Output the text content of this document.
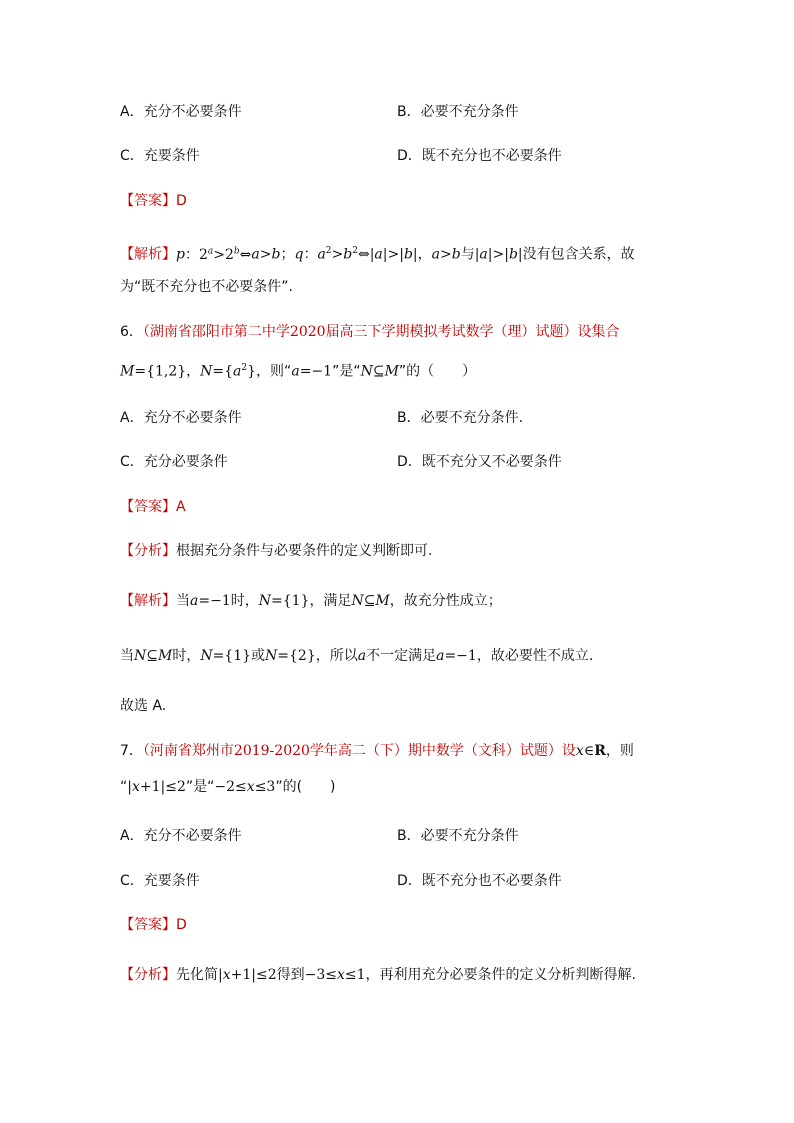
A．充分不必要条件	B．必要不充分条件
C．充要条件	D．既不充分也不必要条件
【答案】D
【解析】p：$2^a>2^b\Leftrightarrow a>b$；q：$a^2>b^2\Leftrightarrow|a|>|b|$，a>b与|a|>|b|没有包含关系，故
为“既不充分也不必要条件”.
6．（湖南省邵阳市第二中学2020届高三下学期模拟考试数学（理）试题）设集合
M={1,2}，$N=\{a^2\}$，则“a=−1”是“N⊆M”的（　　）
A．充分不必要条件	B．必要不充分条件.
C．充分必要条件	D．既不充分又不必要条件
【答案】A
【分析】根据充分条件与必要条件的定义判断即可.
【解析】当a=−1时，N={1}，满足N⊆M，故充分性成立；
当N⊆M时，N={1}或N={2}，所以a不一定满足a=−1，故必要性不成立.
故选 A.
7．（河南省郑州市2019-2020学年高二（下）期中数学（文科）试题）设x∈R，则
“|x+1|≤2”是“−2≤x≤3”的(　　)
A．充分不必要条件	B．必要不充分条件
C．充要条件	D．既不充分也不必要条件
【答案】D
【分析】先化简|x+1|≤2得到−3≤x≤1，再利用充分必要条件的定义分析判断得解.
